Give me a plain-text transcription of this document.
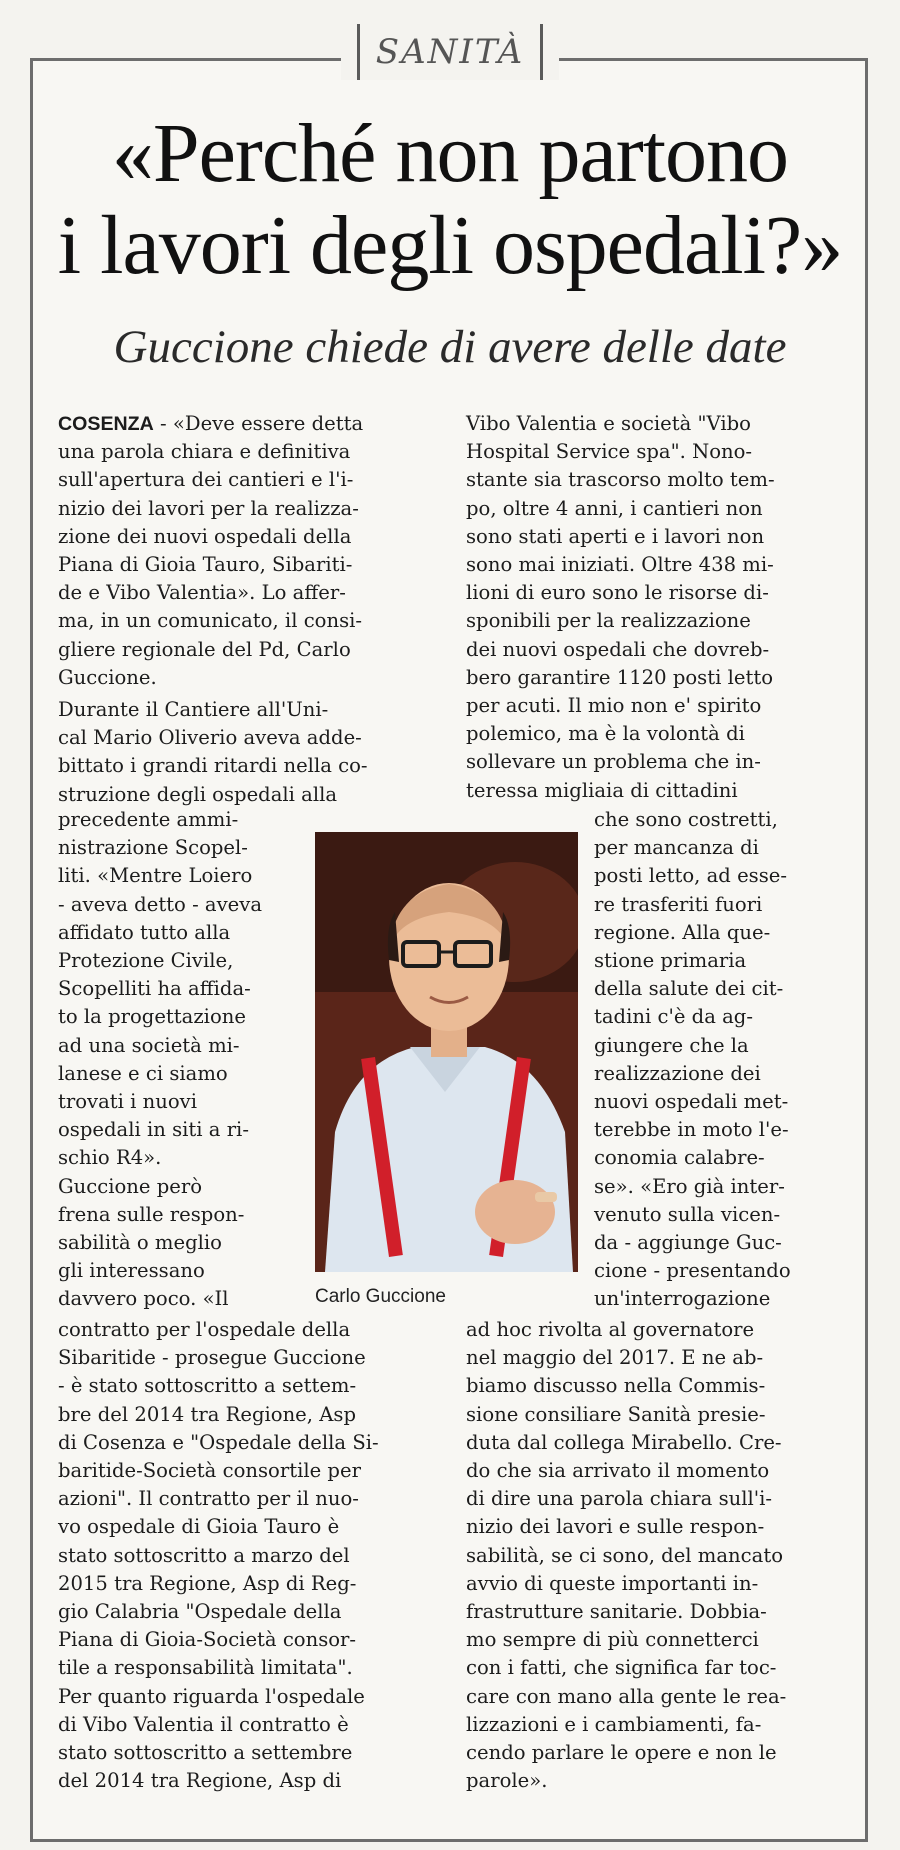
SANITÀ
«Perché non partono
i lavori degli ospedali?»
Guccione chiede di avere delle date

COSENZA - «Deve essere detta
una parola chiara e definitiva
sull'apertura dei cantieri e l'i-
nizio dei lavori per la realizza-
zione dei nuovi ospedali della
Piana di Gioia Tauro, Sibariti-
de e Vibo Valentia». Lo affer-
ma, in un comunicato, il consi-
gliere regionale del Pd, Carlo
Guccione.

Durante il Cantiere all'Uni-
cal Mario Oliverio aveva adde-
bittato i grandi ritardi nella co-
struzione degli ospedali alla

precedente ammi-
nistrazione Scopel-
liti. «Mentre Loiero
- aveva detto - aveva
affidato tutto alla
Protezione Civile,
Scopelliti ha affida-
to la progettazione
ad una società mi-
lanese e ci siamo
trovati i nuovi
ospedali in siti a ri-
schio R4».
Guccione però
frena sulle respon-
sabilità o meglio
gli interessano
davvero poco. «Il

contratto per l'ospedale della
Sibaritide - prosegue Guccione
- è stato sottoscritto a settem-
bre del 2014 tra Regione, Asp
di Cosenza e "Ospedale della Si-
baritide-Società consortile per
azioni". Il contratto per il nuo-
vo ospedale di Gioia Tauro è
stato sottoscritto a marzo del
2015 tra Regione, Asp di Reg-
gio Calabria "Ospedale della
Piana di Gioia-Società consor-
tile a responsabilità limitata".
Per quanto riguarda l'ospedale
di Vibo Valentia il contratto è
stato sottoscritto a settembre
del 2014 tra Regione, Asp di

Vibo Valentia e società "Vibo
Hospital Service spa". Nono-
stante sia trascorso molto tem-
po, oltre 4 anni, i cantieri non
sono stati aperti e i lavori non
sono mai iniziati. Oltre 438 mi-
lioni di euro sono le risorse di-
sponibili per la realizzazione
dei nuovi ospedali che dovreb-
bero garantire 1120 posti letto
per acuti. Il mio non e' spirito
polemico, ma è la volontà di
sollevare un problema che in-
teressa migliaia di cittadini

che sono costretti,
per mancanza di
posti letto, ad esse-
re trasferiti fuori
regione. Alla que-
stione primaria
della salute dei cit-
tadini c'è da ag-
giungere che la
realizzazione dei
nuovi ospedali met-
terebbe in moto l'e-
conomia calabre-
se». «Ero già inter-
venuto sulla vicen-
da - aggiunge Guc-
cione - presentando
un'interrogazione

ad hoc rivolta al governatore
nel maggio del 2017. E ne ab-
biamo discusso nella Commis-
sione consiliare Sanità presie-
duta dal collega Mirabello. Cre-
do che sia arrivato il momento
di dire una parola chiara sull'i-
nizio dei lavori e sulle respon-
sabilità, se ci sono, del mancato
avvio di queste importanti in-
frastrutture sanitarie. Dobbia-
mo sempre di più connetterci
con i fatti, che significa far toc-
care con mano alla gente le rea-
lizzazioni e i cambiamenti, fa-
cendo parlare le opere e non le
parole».

Carlo Guccione
